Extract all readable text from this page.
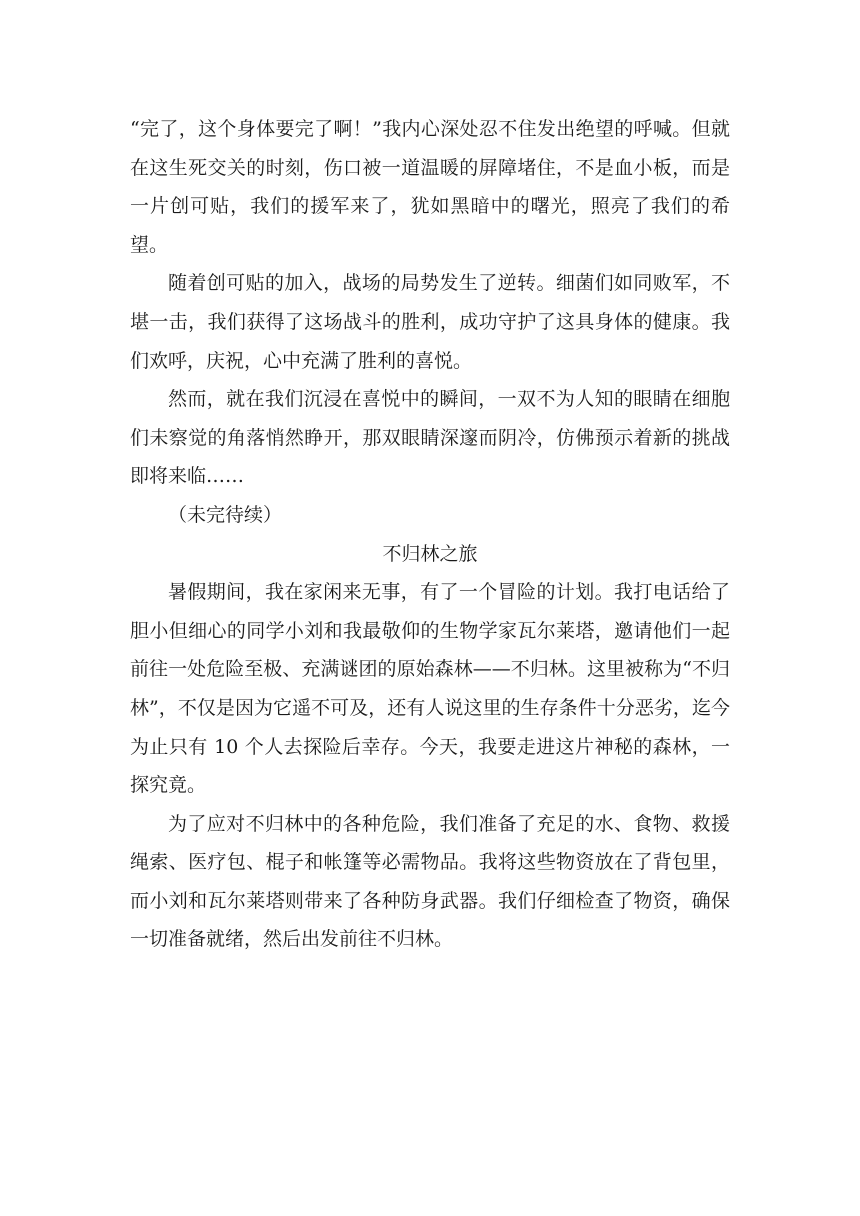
“完了，这个身体要完了啊！”我内心深处忍不住发出绝望的呼喊。但就在这生死交关的时刻，伤口被一道温暖的屏障堵住，不是血小板，而是一片创可贴，我们的援军来了，犹如黑暗中的曙光，照亮了我们的希望。

随着创可贴的加入，战场的局势发生了逆转。细菌们如同败军，不堪一击，我们获得了这场战斗的胜利，成功守护了这具身体的健康。我们欢呼，庆祝，心中充满了胜利的喜悦。

然而，就在我们沉浸在喜悦中的瞬间，一双不为人知的眼睛在细胞们未察觉的角落悄然睁开，那双眼睛深邃而阴冷，仿佛预示着新的挑战即将来临……

（未完待续）

不归林之旅

暑假期间，我在家闲来无事，有了一个冒险的计划。我打电话给了胆小但细心的同学小刘和我最敬仰的生物学家瓦尔莱塔，邀请他们一起前往一处危险至极、充满谜团的原始森林——不归林。这里被称为“不归林”，不仅是因为它遥不可及，还有人说这里的生存条件十分恶劣，迄今为止只有 10 个人去探险后幸存。今天，我要走进这片神秘的森林，一探究竟。

为了应对不归林中的各种危险，我们准备了充足的水、食物、救援绳索、医疗包、棍子和帐篷等必需物品。我将这些物资放在了背包里，而小刘和瓦尔莱塔则带来了各种防身武器。我们仔细检查了物资，确保一切准备就绪，然后出发前往不归林。
